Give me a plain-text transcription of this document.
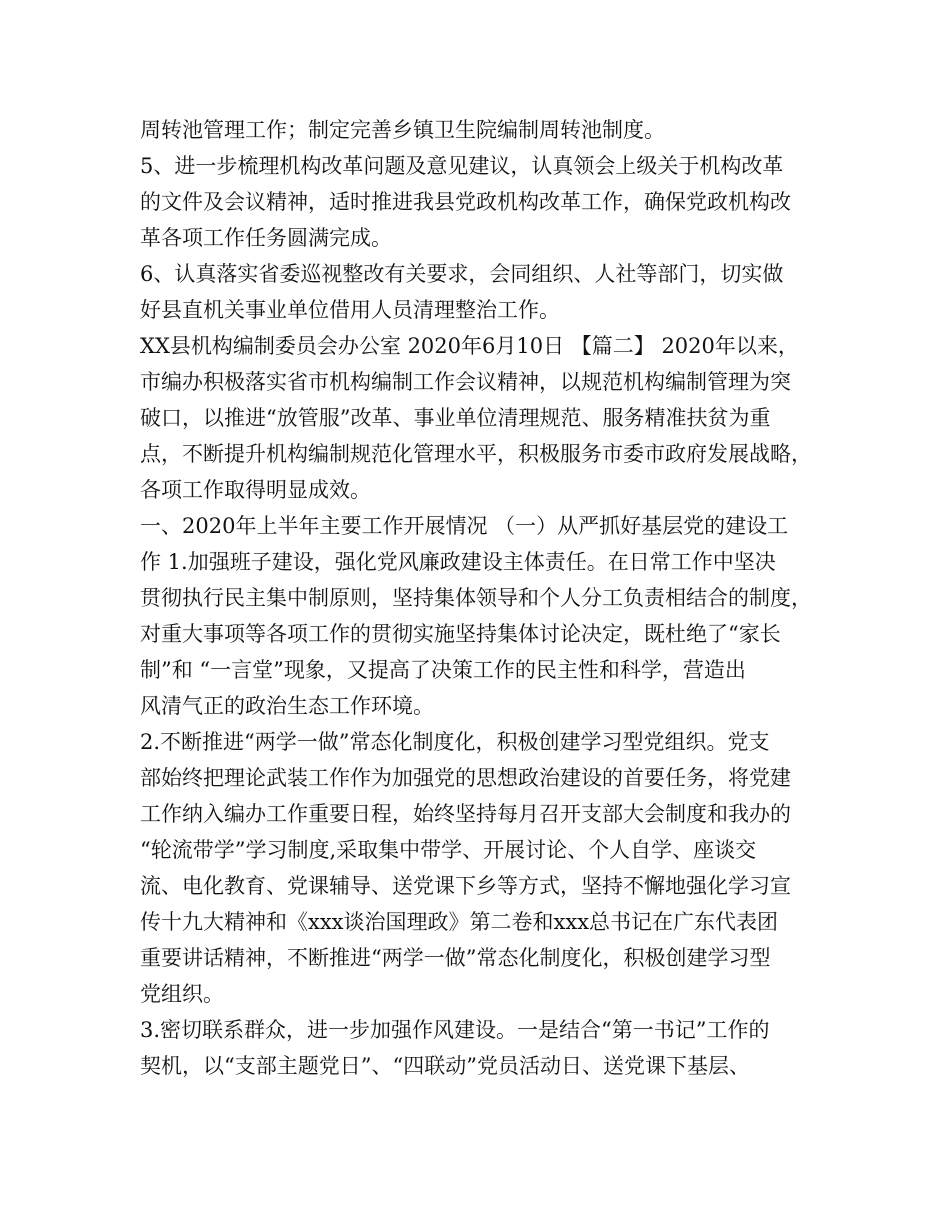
周转池管理工作；制定完善乡镇卫生院编制周转池制度。

5、进一步梳理机构改革问题及意见建议，认真领会上级关于机构改革

的文件及会议精神，适时推进我县党政机构改革工作，确保党政机构改

革各项工作任务圆满完成。

6、认真落实省委巡视整改有关要求，会同组织、人社等部门，切实做

好县直机关事业单位借用人员清理整治工作。

XX县机构编制委员会办公室 2020年6月10日 【篇二】 2020年以来，

市编办积极落实省市机构编制工作会议精神，以规范机构编制管理为突

破口，以推进“放管服”改革、事业单位清理规范、服务精准扶贫为重

点，不断提升机构编制规范化管理水平，积极服务市委市政府发展战略，

各项工作取得明显成效。

一、2020年上半年主要工作开展情况 （一）从严抓好基层党的建设工

作 1.加强班子建设，强化党风廉政建设主体责任。在日常工作中坚决

贯彻执行民主集中制原则，坚持集体领导和个人分工负责相结合的制度，

对重大事项等各项工作的贯彻实施坚持集体讨论决定，既杜绝了“家长

制”和 “一言堂”现象，又提高了决策工作的民主性和科学，营造出

风清气正的政治生态工作环境。

2.不断推进“两学一做”常态化制度化，积极创建学习型党组织。党支

部始终把理论武装工作作为加强党的思想政治建设的首要任务，将党建

工作纳入编办工作重要日程，始终坚持每月召开支部大会制度和我办的

“轮流带学”学习制度,采取集中带学、开展讨论、个人自学、座谈交

流、电化教育、党课辅导、送党课下乡等方式，坚持不懈地强化学习宣

传十九大精神和《xxx谈治国理政》第二卷和xxx总书记在广东代表团

重要讲话精神，不断推进“两学一做”常态化制度化，积极创建学习型

党组织。

3.密切联系群众，进一步加强作风建设。一是结合“第一书记”工作的

契机，以“支部主题党日”、“四联动”党员活动日、送党课下基层、
